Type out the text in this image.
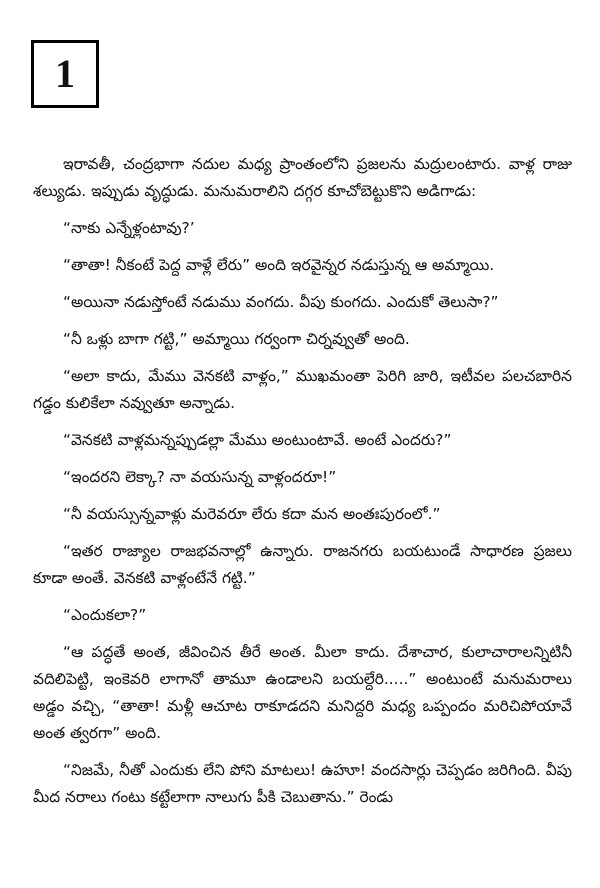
1

ఇరావతీ, చంద్రభాగా నదుల మధ్య ప్రాంతంలోని ప్రజలను మద్రులంటారు. వాళ్ల రాజు శల్యుడు. ఇప్పుడు వృద్ధుడు. మనుమరాలిని దగ్గర కూచోబెట్టుకొని అడిగాడు:

“నాకు ఎన్నేళ్లంటావు?’

“తాతా! నీకంటే పెద్ద వాళ్లే లేరు” అంది ఇరవైన్నర నడుస్తున్న ఆ అమ్మాయి.

“అయినా నడుస్తోంటే నడుము వంగదు. వీపు కుంగదు. ఎందుకో తెలుసా?”

“నీ ఒళ్లు బాగా గట్టి,” అమ్మాయి గర్వంగా చిర్నవ్వుతో అంది.

“అలా కాదు, మేము వెనకటి వాళ్లం,” ముఖమంతా పెరిగి జారి, ఇటీవల పలచబారిన గడ్డం కులికేలా నవ్వుతూ అన్నాడు.

“వెనకటి వాళ్లమన్నప్పుడల్లా మేము అంటుంటావే. అంటే ఎందరు?”

“ఇందరని లెక్కా? నా వయసున్న వాళ్లందరూ!”

“నీ వయస్సున్నవాళ్లు మరెవరూ లేరు కదా మన అంతఃపురంలో.”

“ఇతర రాజ్యాల రాజభవనాల్లో ఉన్నారు. రాజనగరు బయటుండే సాధారణ ప్రజలు కూడా అంతే. వెనకటి వాళ్లంటేనే గట్టి.”

“ఎందుకలా?”

“ఆ పద్ధతే అంత, జీవించిన తీరే అంత. మీలా కాదు. దేశాచార, కులాచారాలన్నిటినీ వదిలిపెట్టి, ఇంకెవరి లాగానో తామూ ఉండాలని బయల్దేరి.....” అంటుంటే మనుమరాలు అడ్డం వచ్చి, “తాతా! మళ్లీ ఆచూట రాకూడదని మనిద్దరి మధ్య ఒప్పందం మరిచిపోయావే అంత త్వరగా” అంది.

“నిజమే, నీతో ఎందుకు లేని పోని మాటలు! ఉహూ! వందసార్లు చెప్పడం జరిగింది. వీపు మీద నరాలు గంటు కట్టేలాగా నాలుగు పీకి చెబుతాను.” రెండు
